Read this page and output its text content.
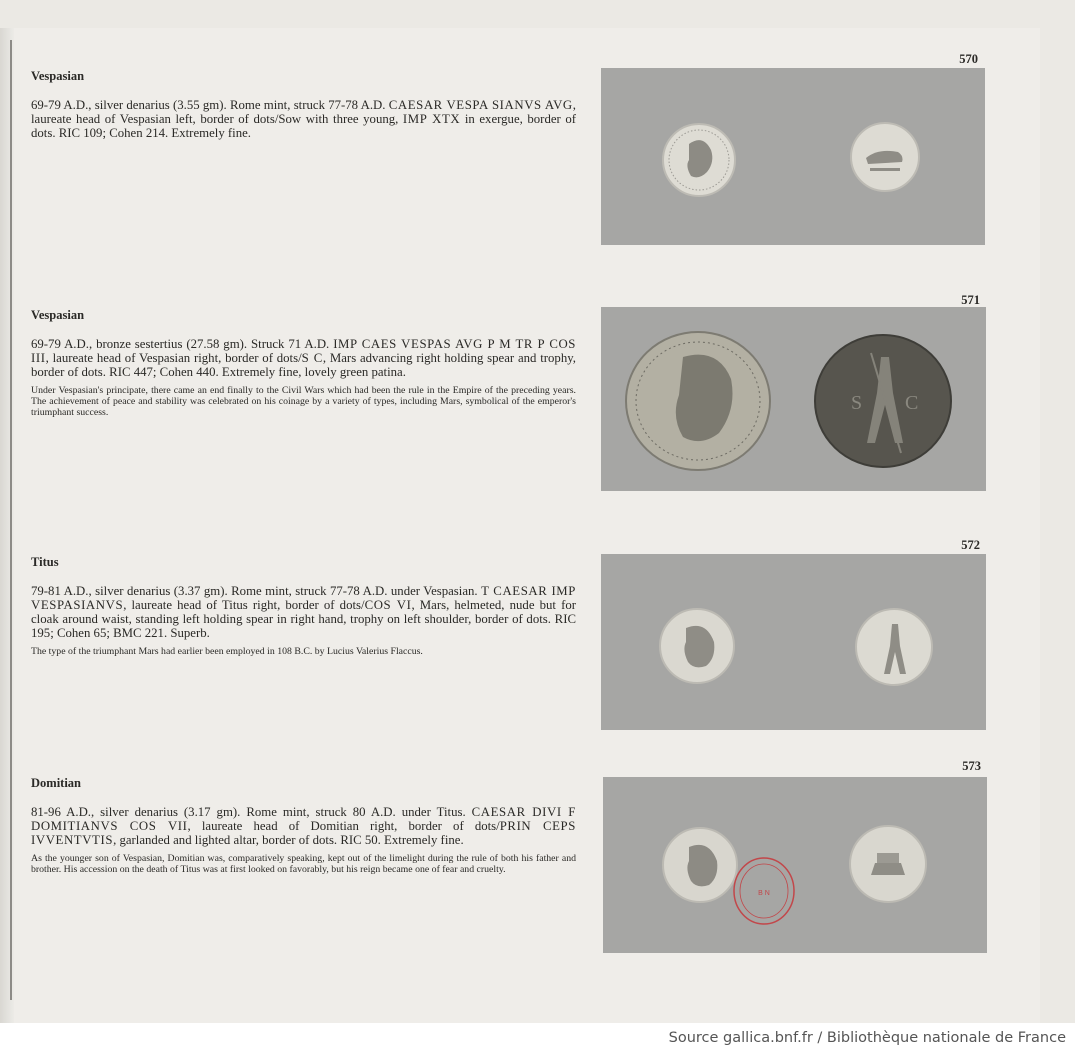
570
Vespasian

69-79 A.D., silver denarius (3.55 gm). Rome mint, struck 77-78 A.D. CAESAR VESPA SIANVS AVG, laureate head of Vespasian left, border of dots/Sow with three young, IMP XTX in exergue, border of dots. RIC 109; Cohen 214. Extremely fine.

571
Vespasian

69-79 A.D., bronze sestertius (27.58 gm). Struck 71 A.D. IMP CAES VESPAS AVG P M TR P COS III, laureate head of Vespasian right, border of dots/S C, Mars advancing right holding spear and trophy, border of dots. RIC 447; Cohen 440. Extremely fine, lovely green patina.

Under Vespasian's principate, there came an end finally to the Civil Wars which had been the rule in the Empire of the preceding years. The achievement of peace and stability was celebrated on his coinage by a variety of types, including Mars, symbolical of the emperor's triumphant success.	S C
572
Titus

79-81 A.D., silver denarius (3.37 gm). Rome mint, struck 77-78 A.D. under Vespasian. T CAESAR IMP VESPASIANVS, laureate head of Titus right, border of dots/COS VI, Mars, helmeted, nude but for cloak around waist, standing left holding spear in right hand, trophy on left shoulder, border of dots. RIC 195; Cohen 65; BMC 221. Superb.

The type of the triumphant Mars had earlier been employed in 108 B.C. by Lucius Valerius Flaccus.

573
Domitian

81-96 A.D., silver denarius (3.17 gm). Rome mint, struck 80 A.D. under Titus. CAESAR DIVI F DOMITIANVS COS VII, laureate head of Domitian right, border of dots/PRIN CEPS IVVENTVTIS, garlanded and lighted altar, border of dots. RIC 50. Extremely fine.

As the younger son of Vespasian, Domitian was, comparatively speaking, kept out of the limelight during the rule of both his father and brother. His accession on the death of Titus was at first looked on favorably, but his reign became one of fear and cruelty.

B N
Source gallica.bnf.fr / Bibliothèque nationale de France
